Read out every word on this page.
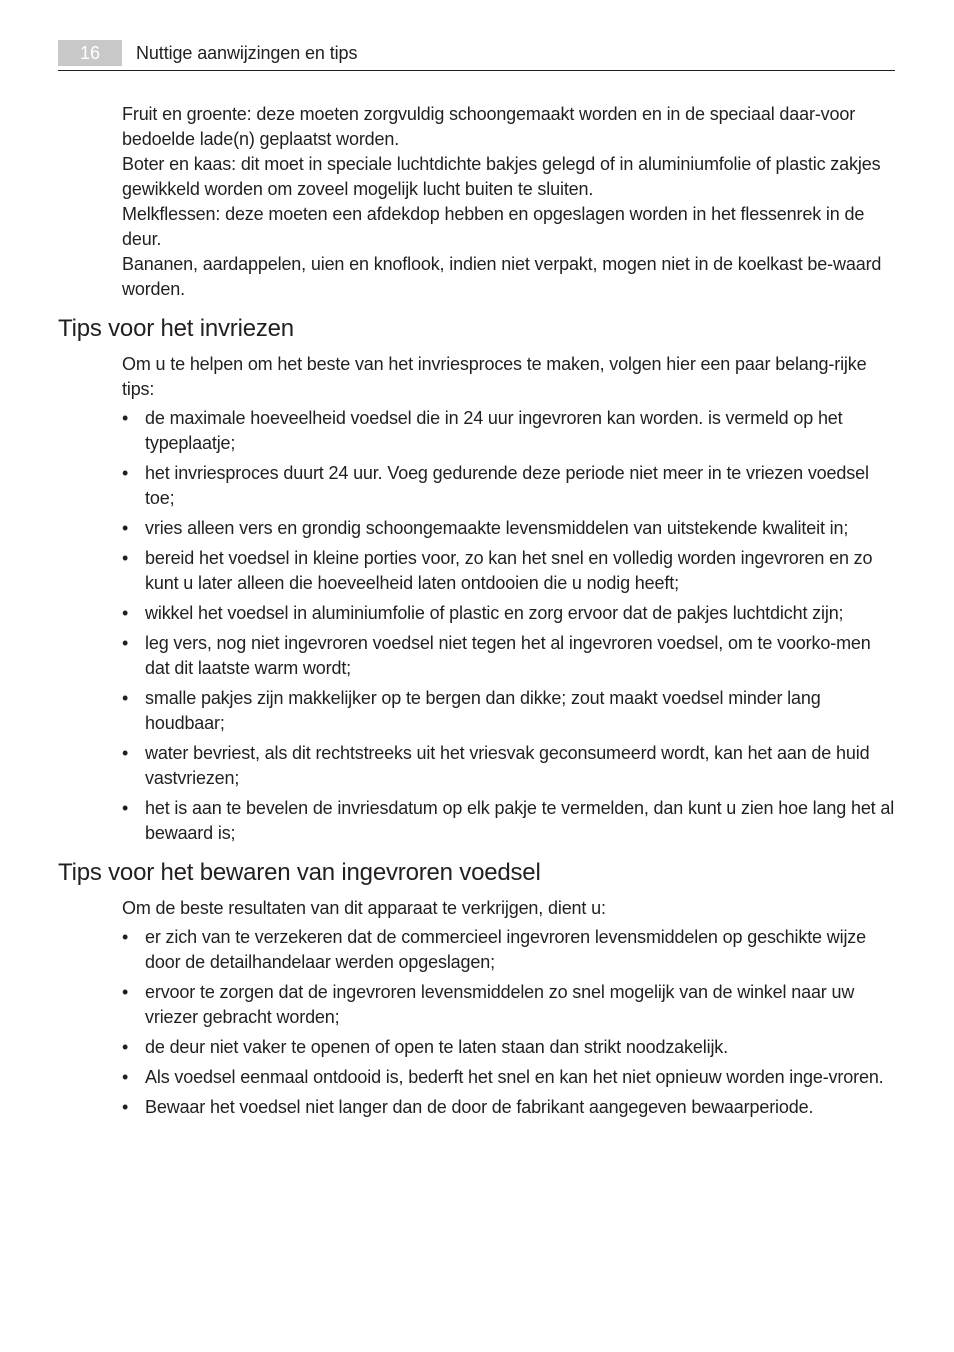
16	Nuttige aanwijzingen en tips

Fruit en groente: deze moeten zorgvuldig schoongemaakt worden en in de speciaal daar-voor bedoelde lade(n) geplaatst worden.

Boter en kaas: dit moet in speciale luchtdichte bakjes gelegd of in aluminiumfolie of plastic zakjes gewikkeld worden om zoveel mogelijk lucht buiten te sluiten.

Melkflessen: deze moeten een afdekdop hebben en opgeslagen worden in het flessenrek in de deur.

Bananen, aardappelen, uien en knoflook, indien niet verpakt, mogen niet in de koelkast be-waard worden.

Tips voor het invriezen

Om u te helpen om het beste van het invriesproces te maken, volgen hier een paar belang-rijke tips:

• de maximale hoeveelheid voedsel die in 24 uur ingevroren kan worden. is vermeld op het typeplaatje;
• het invriesproces duurt 24 uur. Voeg gedurende deze periode niet meer in te vriezen voedsel toe;
• vries alleen vers en grondig schoongemaakte levensmiddelen van uitstekende kwaliteit in;
• bereid het voedsel in kleine porties voor, zo kan het snel en volledig worden ingevroren en zo kunt u later alleen die hoeveelheid laten ontdooien die u nodig heeft;
• wikkel het voedsel in aluminiumfolie of plastic en zorg ervoor dat de pakjes luchtdicht zijn;
• leg vers, nog niet ingevroren voedsel niet tegen het al ingevroren voedsel, om te voorko-men dat dit laatste warm wordt;
• smalle pakjes zijn makkelijker op te bergen dan dikke; zout maakt voedsel minder lang houdbaar;
• water bevriest, als dit rechtstreeks uit het vriesvak geconsumeerd wordt, kan het aan de huid vastvriezen;
• het is aan te bevelen de invriesdatum op elk pakje te vermelden, dan kunt u zien hoe lang het al bewaard is;
Tips voor het bewaren van ingevroren voedsel

Om de beste resultaten van dit apparaat te verkrijgen, dient u:

• er zich van te verzekeren dat de commercieel ingevroren levensmiddelen op geschikte wijze door de detailhandelaar werden opgeslagen;
• ervoor te zorgen dat de ingevroren levensmiddelen zo snel mogelijk van de winkel naar uw vriezer gebracht worden;
• de deur niet vaker te openen of open te laten staan dan strikt noodzakelijk.
• Als voedsel eenmaal ontdooid is, bederft het snel en kan het niet opnieuw worden inge-vroren.
• Bewaar het voedsel niet langer dan de door de fabrikant aangegeven bewaarperiode.
